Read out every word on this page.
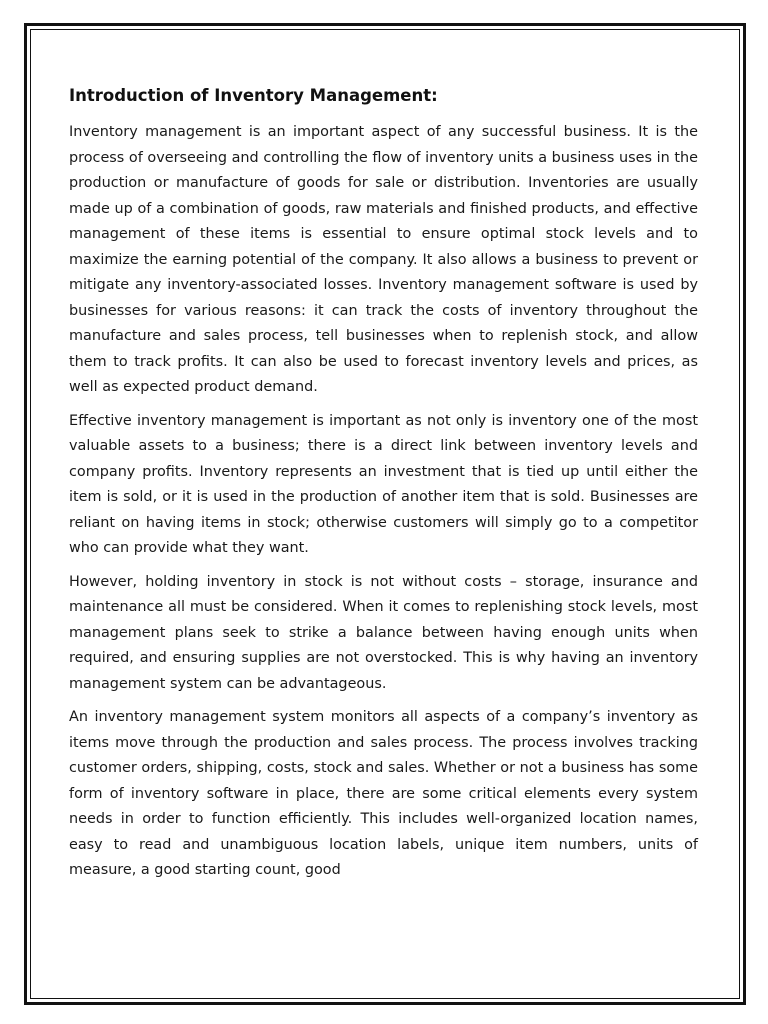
Introduction of Inventory Management:

Inventory management is an important aspect of any successful business. It is the process of overseeing and controlling the flow of inventory units a business uses in the production or manufacture of goods for sale or distribution. Inventories are usually made up of a combination of goods, raw materials and finished products, and effective management of these items is essential to ensure optimal stock levels and to maximize the earning potential of the company. It also allows a business to prevent or mitigate any inventory-associated losses. Inventory management software is used by businesses for various reasons: it can track the costs of inventory throughout the manufacture and sales process, tell businesses when to replenish stock, and allow them to track profits. It can also be used to forecast inventory levels and prices, as well as expected product demand.

Effective inventory management is important as not only is inventory one of the most valuable assets to a business; there is a direct link between inventory levels and company profits. Inventory represents an investment that is tied up until either the item is sold, or it is used in the production of another item that is sold. Businesses are reliant on having items in stock; otherwise customers will simply go to a competitor who can provide what they want.

However, holding inventory in stock is not without costs – storage, insurance and maintenance all must be considered. When it comes to replenishing stock levels, most management plans seek to strike a balance between having enough units when required, and ensuring supplies are not overstocked. This is why having an inventory management system can be advantageous.

An inventory management system monitors all aspects of a company’s inventory as items move through the production and sales process. The process involves tracking customer orders, shipping, costs, stock and sales. Whether or not a business has some form of inventory software in place, there are some critical elements every system needs in order to function efficiently. This includes well-organized location names, easy to read and unambiguous location labels, unique item numbers, units of measure, a good starting count, good
